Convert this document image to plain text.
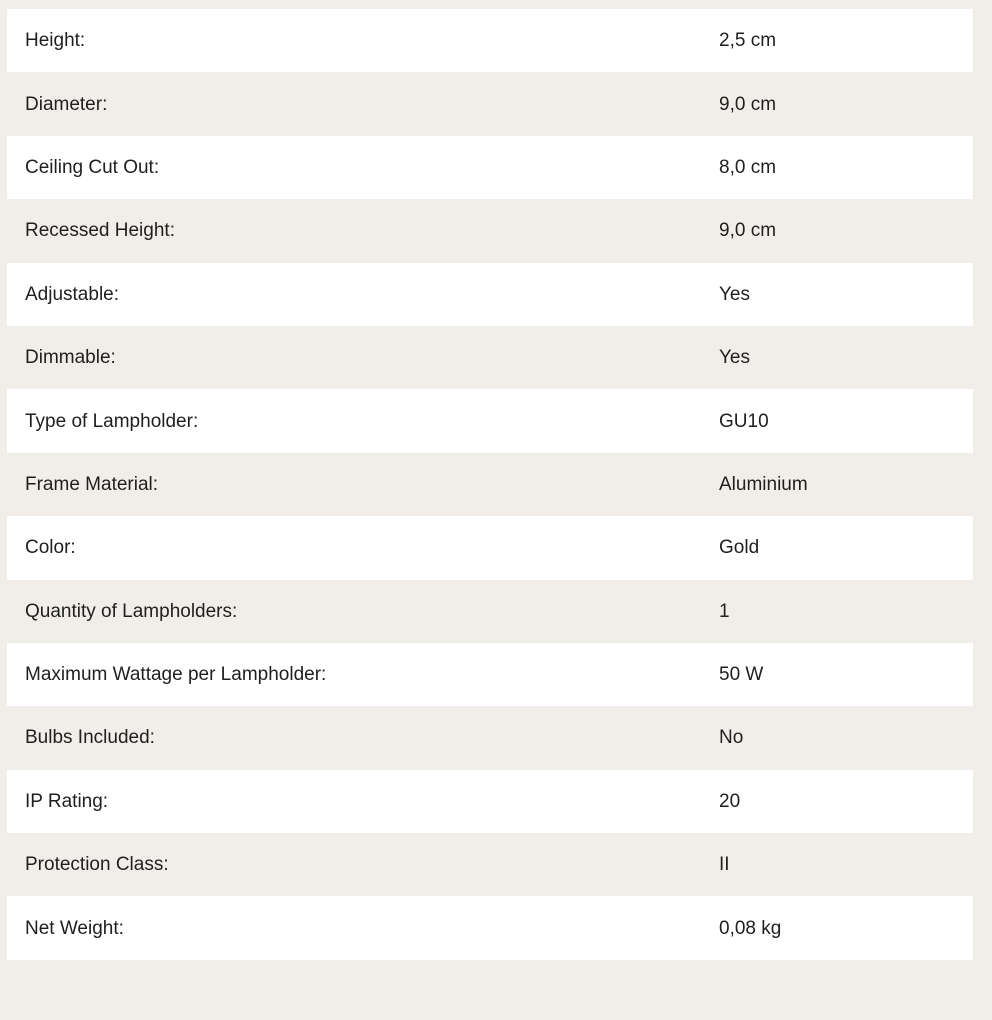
Height:	2,5 cm
Diameter:	9,0 cm
Ceiling Cut Out:	8,0 cm
Recessed Height:	9,0 cm
Adjustable:	Yes
Dimmable:	Yes
Type of Lampholder:	GU10
Frame Material:	Aluminium
Color:	Gold
Quantity of Lampholders:	1
Maximum Wattage per Lampholder:	50 W
Bulbs Included:	No
IP Rating:	20
Protection Class:	II
Net Weight:	0,08 kg
